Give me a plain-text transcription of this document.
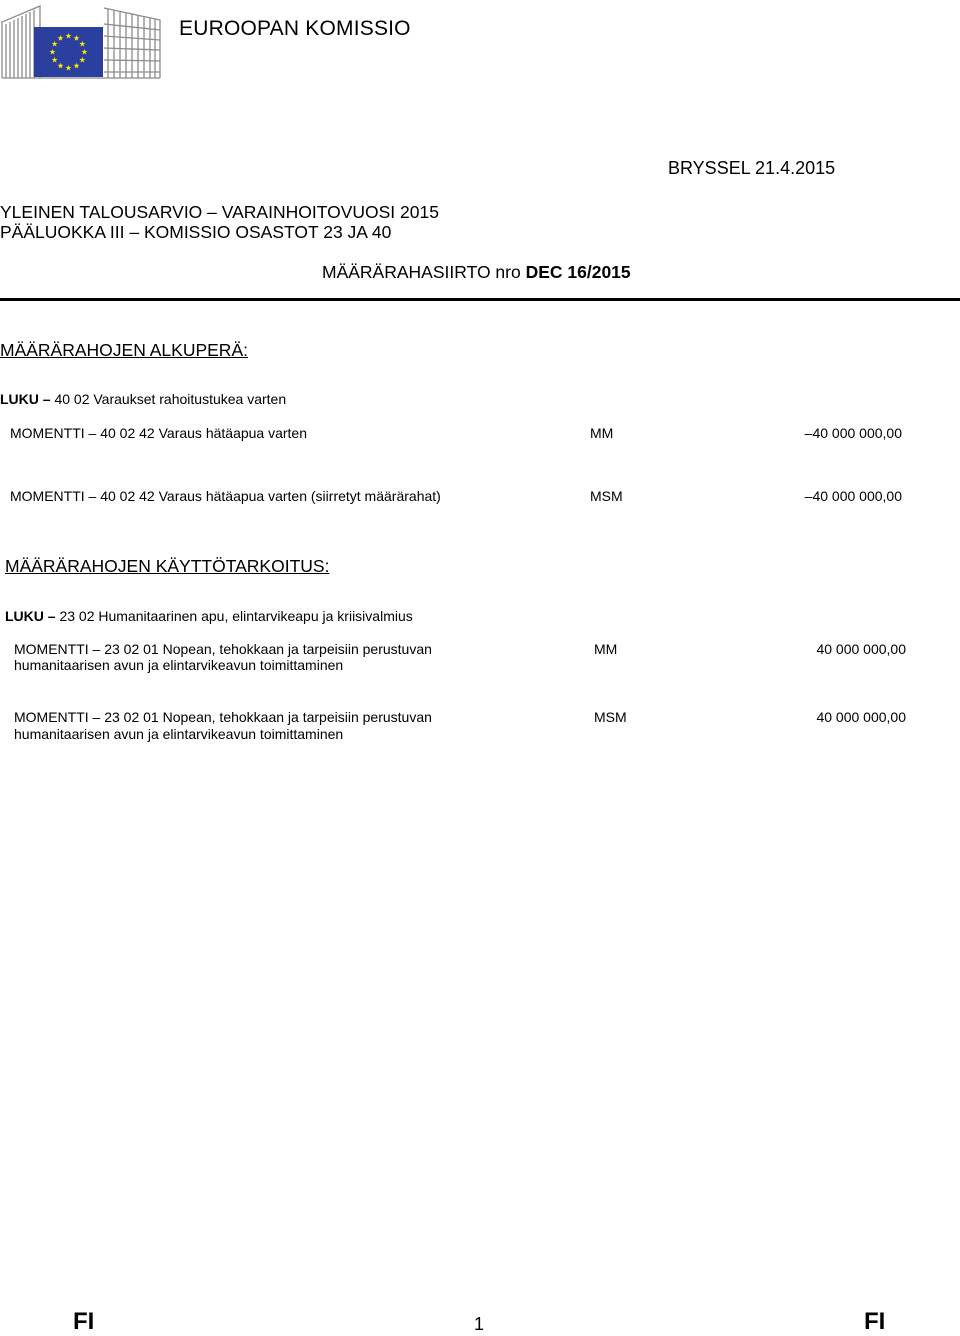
EUROOPAN KOMISSIO
BRYSSEL 21.4.2015
YLEINEN TALOUSARVIO – VARAINHOITOVUOSI 2015
PÄÄLUOKKA III – KOMISSIO OSASTOT 23 JA 40
MÄÄRÄRAHASIIRTO nro DEC 16/2015
MÄÄRÄRAHOJEN ALKUPERÄ:
LUKU – 40 02 Varaukset rahoitustukea varten
MOMENTTI – 40 02 42 Varaus hätäapua varten	MM	–40 000 000,00
MOMENTTI – 40 02 42 Varaus hätäapua varten (siirretyt määrärahat)	MSM	–40 000 000,00
MÄÄRÄRAHOJEN KÄYTTÖTARKOITUS:
LUKU – 23 02 Humanitaarinen apu, elintarvikeapu ja kriisivalmius
MOMENTTI – 23 02 01 Nopean, tehokkaan ja tarpeisiin perustuvan
humanitaarisen avun ja elintarvikeavun toimittaminen
MM	40 000 000,00
MOMENTTI – 23 02 01 Nopean, tehokkaan ja tarpeisiin perustuvan
humanitaarisen avun ja elintarvikeavun toimittaminen
MSM	40 000 000,00
FI	1	FI
